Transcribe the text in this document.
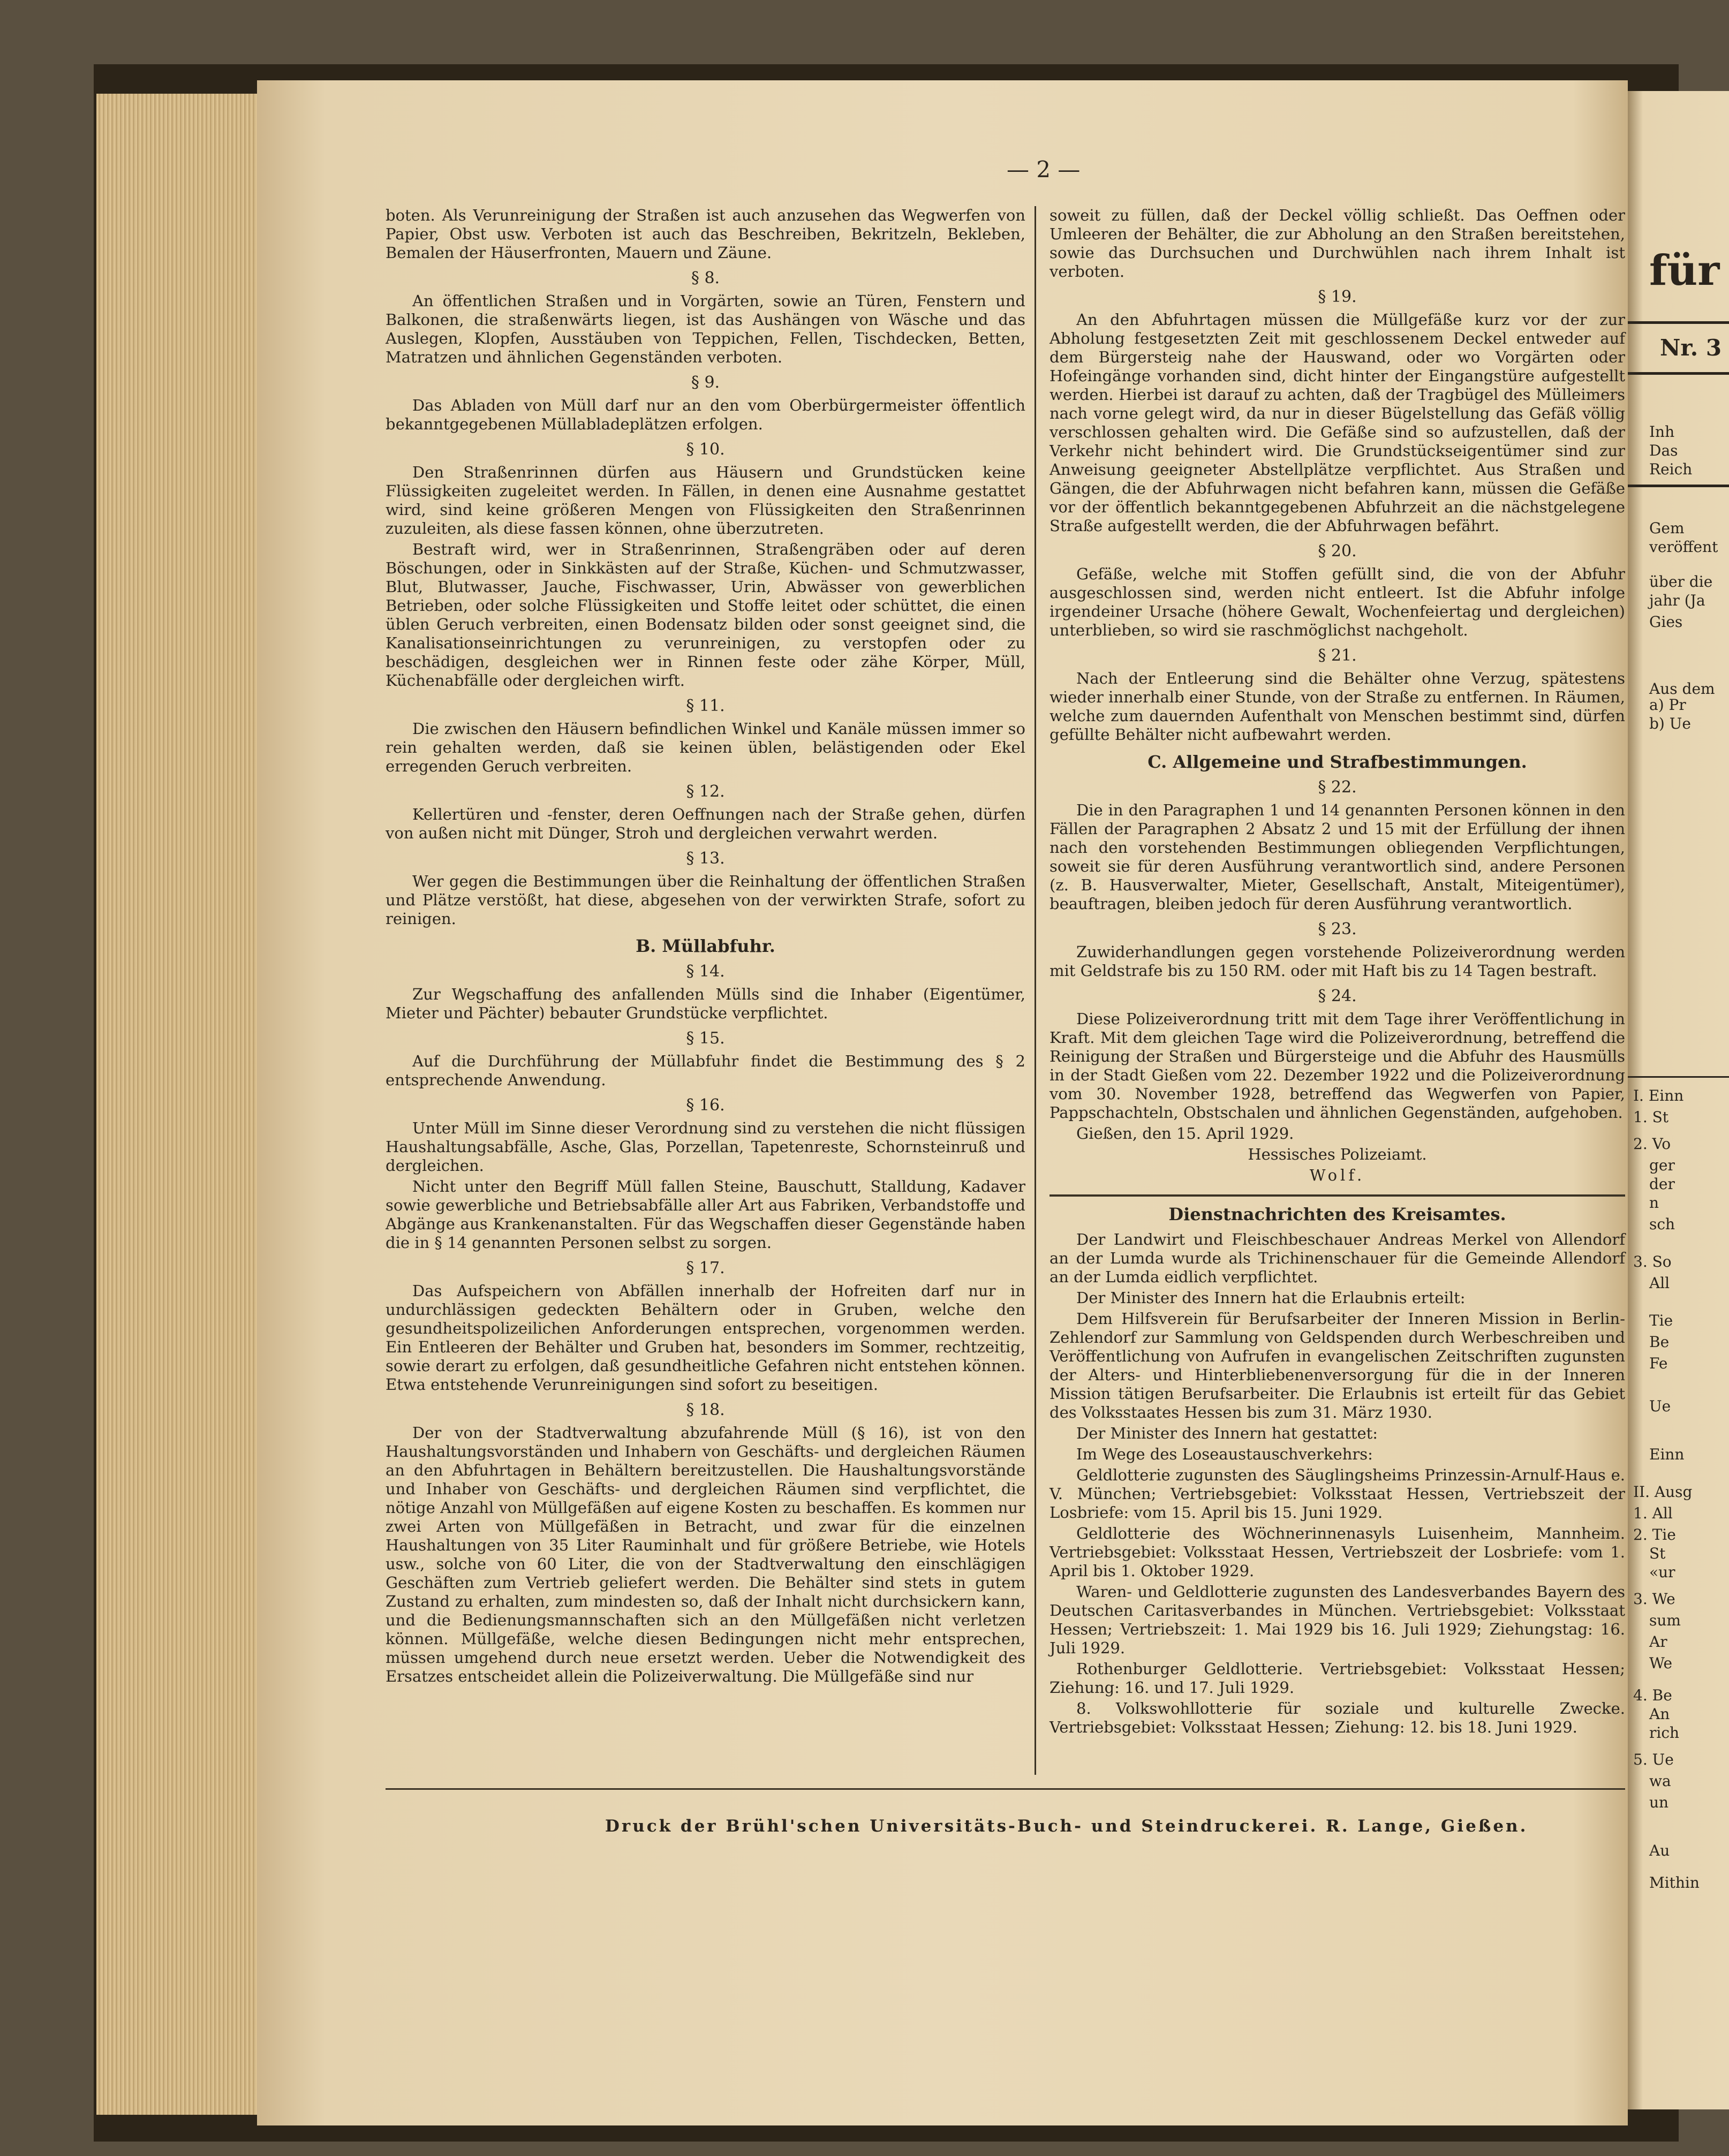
— 2 —

boten. Als Verunreinigung der Straßen ist auch anzusehen das Wegwerfen von Papier, Obst usw. Verboten ist auch das Beschreiben, Bekritzeln, Bekleben, Bemalen der Häuserfronten, Mauern und Zäune.

§ 8.

An öffentlichen Straßen und in Vorgärten, sowie an Türen, Fenstern und Balkonen, die straßenwärts liegen, ist das Aushängen von Wäsche und das Auslegen, Klopfen, Ausstäuben von Teppichen, Fellen, Tischdecken, Betten, Matratzen und ähnlichen Gegenständen verboten.

§ 9.

Das Abladen von Müll darf nur an den vom Oberbürgermeister öffentlich bekanntgegebenen Müllabladeplätzen erfolgen.

§ 10.

Den Straßenrinnen dürfen aus Häusern und Grundstücken keine Flüssigkeiten zugeleitet werden. In Fällen, in denen eine Ausnahme gestattet wird, sind keine größeren Mengen von Flüssigkeiten den Straßenrinnen zuzuleiten, als diese fassen können, ohne überzutreten.

Bestraft wird, wer in Straßenrinnen, Straßengräben oder auf deren Böschungen, oder in Sinkkästen auf der Straße, Küchen- und Schmutzwasser, Blut, Blutwasser, Jauche, Fischwasser, Urin, Abwässer von gewerblichen Betrieben, oder solche Flüssigkeiten und Stoffe leitet oder schüttet, die einen üblen Geruch verbreiten, einen Bodensatz bilden oder sonst geeignet sind, die Kanalisationseinrichtungen zu verunreinigen, zu verstopfen oder zu beschädigen, desgleichen wer in Rinnen feste oder zähe Körper, Müll, Küchenabfälle oder dergleichen wirft.

§ 11.

Die zwischen den Häusern befindlichen Winkel und Kanäle müssen immer so rein gehalten werden, daß sie keinen üblen, belästigenden oder Ekel erregenden Geruch verbreiten.

§ 12.

Kellertüren und -fenster, deren Oeffnungen nach der Straße gehen, dürfen von außen nicht mit Dünger, Stroh und dergleichen verwahrt werden.

§ 13.

Wer gegen die Bestimmungen über die Reinhaltung der öffentlichen Straßen und Plätze verstößt, hat diese, abgesehen von der verwirkten Strafe, sofort zu reinigen.

B. Müllabfuhr.
§ 14.

Zur Wegschaffung des anfallenden Mülls sind die Inhaber (Eigentümer, Mieter und Pächter) bebauter Grundstücke verpflichtet.

§ 15.

Auf die Durchführung der Müllabfuhr findet die Bestimmung des § 2 entsprechende Anwendung.

§ 16.

Unter Müll im Sinne dieser Verordnung sind zu verstehen die nicht flüssigen Haushaltungsabfälle, Asche, Glas, Porzellan, Tapetenreste, Schornsteinruß und dergleichen.

Nicht unter den Begriff Müll fallen Steine, Bauschutt, Stalldung, Kadaver sowie gewerbliche und Betriebsabfälle aller Art aus Fabriken, Verbandstoffe und Abgänge aus Krankenanstalten. Für das Wegschaffen dieser Gegenstände haben die in § 14 genannten Personen selbst zu sorgen.

§ 17.

Das Aufspeichern von Abfällen innerhalb der Hofreiten darf nur in undurchlässigen gedeckten Behältern oder in Gruben, welche den gesundheitspolizeilichen Anforderungen entsprechen, vorgenommen werden. Ein Entleeren der Behälter und Gruben hat, besonders im Sommer, rechtzeitig, sowie derart zu erfolgen, daß gesundheitliche Gefahren nicht entstehen können. Etwa entstehende Verunreinigungen sind sofort zu beseitigen.

§ 18.

Der von der Stadtverwaltung abzufahrende Müll (§ 16), ist von den Haushaltungsvorständen und Inhabern von Geschäfts- und dergleichen Räumen an den Abfuhrtagen in Behältern bereitzustellen. Die Haushaltungsvorstände und Inhaber von Geschäfts- und dergleichen Räumen sind verpflichtet, die nötige Anzahl von Müllgefäßen auf eigene Kosten zu beschaffen. Es kommen nur zwei Arten von Müllgefäßen in Betracht, und zwar für die einzelnen Haushaltungen von 35 Liter Rauminhalt und für größere Betriebe, wie Hotels usw., solche von 60 Liter, die von der Stadtverwaltung den einschlägigen Geschäften zum Vertrieb geliefert werden. Die Behälter sind stets in gutem Zustand zu erhalten, zum mindesten so, daß der Inhalt nicht durchsickern kann, und die Bedienungsmannschaften sich an den Müllgefäßen nicht verletzen können. Müllgefäße, welche diesen Bedingungen nicht mehr entsprechen, müssen umgehend durch neue ersetzt werden. Ueber die Notwendigkeit des Ersatzes entscheidet allein die Polizeiverwaltung. Die Müllgefäße sind nur

soweit zu füllen, daß der Deckel völlig schließt. Das Oeffnen oder Umleeren der Behälter, die zur Abholung an den Straßen bereitstehen, sowie das Durchsuchen und Durchwühlen nach ihrem Inhalt ist verboten.

§ 19.

An den Abfuhrtagen müssen die Müllgefäße kurz vor der zur Abholung festgesetzten Zeit mit geschlossenem Deckel entweder auf dem Bürgersteig nahe der Hauswand, oder wo Vorgärten oder Hofeingänge vorhanden sind, dicht hinter der Eingangstüre aufgestellt werden. Hierbei ist darauf zu achten, daß der Tragbügel des Mülleimers nach vorne gelegt wird, da nur in dieser Bügelstellung das Gefäß völlig verschlossen gehalten wird. Die Gefäße sind so aufzustellen, daß der Verkehr nicht behindert wird. Die Grundstückseigentümer sind zur Anweisung geeigneter Abstellplätze verpflichtet. Aus Straßen und Gängen, die der Abfuhrwagen nicht befahren kann, müssen die Gefäße vor der öffentlich bekanntgegebenen Abfuhrzeit an die nächstgelegene Straße aufgestellt werden, die der Abfuhrwagen befährt.

§ 20.

Gefäße, welche mit Stoffen gefüllt sind, die von der Abfuhr ausgeschlossen sind, werden nicht entleert. Ist die Abfuhr infolge irgendeiner Ursache (höhere Gewalt, Wochenfeiertag und dergleichen) unterblieben, so wird sie raschmöglichst nachgeholt.

§ 21.

Nach der Entleerung sind die Behälter ohne Verzug, spätestens wieder innerhalb einer Stunde, von der Straße zu entfernen. In Räumen, welche zum dauernden Aufenthalt von Menschen bestimmt sind, dürfen gefüllte Behälter nicht aufbewahrt werden.

C. Allgemeine und Strafbestimmungen.
§ 22.

Die in den Paragraphen 1 und 14 genannten Personen können in den Fällen der Paragraphen 2 Absatz 2 und 15 mit der Erfüllung der ihnen nach den vorstehenden Bestimmungen obliegenden Verpflichtungen, soweit sie für deren Ausführung verantwortlich sind, andere Personen (z. B. Hausverwalter, Mieter, Gesellschaft, Anstalt, Miteigentümer), beauftragen, bleiben jedoch für deren Ausführung verantwortlich.

§ 23.

Zuwiderhandlungen gegen vorstehende Polizeiverordnung werden mit Geldstrafe bis zu 150 RM. oder mit Haft bis zu 14 Tagen bestraft.

§ 24.

Diese Polizeiverordnung tritt mit dem Tage ihrer Veröffentlichung in Kraft. Mit dem gleichen Tage wird die Polizeiverordnung, betreffend die Reinigung der Straßen und Bürgersteige und die Abfuhr des Hausmülls in der Stadt Gießen vom 22. Dezember 1922 und die Polizeiverordnung vom 30. November 1928, betreffend das Wegwerfen von Papier, Pappschachteln, Obstschalen und ähnlichen Gegenständen, aufgehoben.

Gießen, den 15. April 1929.

Hessisches Polizeiamt.

Wolf.

Dienstnachrichten des Kreisamtes.

Der Landwirt und Fleischbeschauer Andreas Merkel von Allendorf an der Lumda wurde als Trichinenschauer für die Gemeinde Allendorf an der Lumda eidlich verpflichtet.

Der Minister des Innern hat die Erlaubnis erteilt:

Dem Hilfsverein für Berufsarbeiter der Inneren Mission in Berlin-Zehlendorf zur Sammlung von Geldspenden durch Werbeschreiben und Veröffentlichung von Aufrufen in evangelischen Zeitschriften zugunsten der Alters- und Hinterbliebenenversorgung für die in der Inneren Mission tätigen Berufsarbeiter. Die Erlaubnis ist erteilt für das Gebiet des Volksstaates Hessen bis zum 31. März 1930.

Der Minister des Innern hat gestattet:

Im Wege des Loseaustauschverkehrs:

Geldlotterie zugunsten des Säuglingsheims Prinzessin-Arnulf-Haus e. V. München; Vertriebsgebiet: Volksstaat Hessen, Vertriebszeit der Losbriefe: vom 15. April bis 15. Juni 1929.

Geldlotterie des Wöchnerinnenasyls Luisenheim, Mannheim. Vertriebsgebiet: Volksstaat Hessen, Vertriebszeit der Losbriefe: vom 1. April bis 1. Oktober 1929.

Waren- und Geldlotterie zugunsten des Landesverbandes Bayern des Deutschen Caritasverbandes in München. Vertriebsgebiet: Volksstaat Hessen; Vertriebszeit: 1. Mai 1929 bis 16. Juli 1929; Ziehungstag: 16. Juli 1929.

Rothenburger Geldlotterie. Vertriebsgebiet: Volksstaat Hessen; Ziehung: 16. und 17. Juli 1929.

8. Volkswohllotterie für soziale und kulturelle Zwecke. Vertriebsgebiet: Volksstaat Hessen; Ziehung: 12. bis 18. Juni 1929.

Druck der Brühl'schen Universitäts-Buch- und Steindruckerei. R. Lange, Gießen.
für
Nr. 3
Inh
Das
Reich
Gem
veröffent
über die
jahr (Ja
Gies
Aus dem
a) Pr
b) Ue
I. Einn
1. St
2. Vo
ger
der
n
sch
3. So
All
Tie
Be
Fe
Ue
Einn
II. Ausg
1. All
2. Tie
St
«ur
3. We
sum
Ar
We
4. Be
An
rich
5. Ue
wa
un
Au
Mithin
